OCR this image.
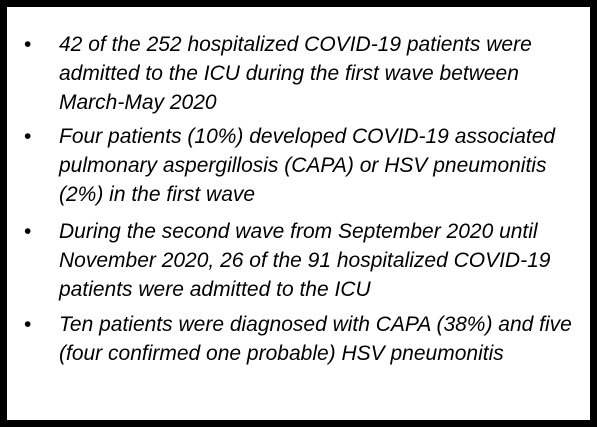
• 42 of the 252 hospitalized COVID-19 patients were admitted to the ICU during the first wave between March-May 2020

• Four patients (10%) developed COVID-19 associated pulmonary aspergillosis (CAPA) or HSV pneumonitis (2%) in the first wave

• During the second wave from September 2020 until November 2020, 26 of the 91 hospitalized COVID-19 patients were admitted to the ICU

• Ten patients were diagnosed with CAPA (38%) and five (four confirmed one probable) HSV pneumonitis
